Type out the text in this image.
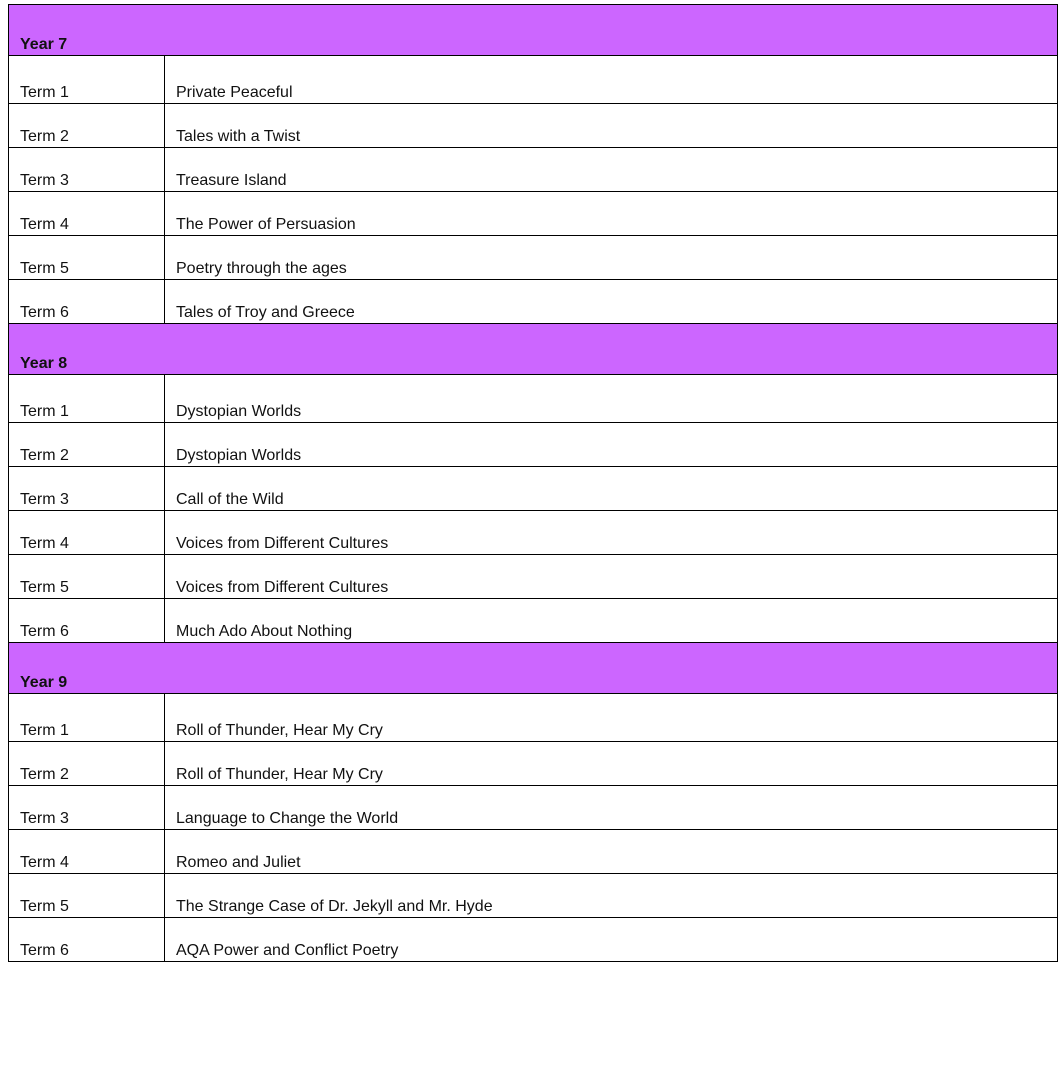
Year 7	
Term 1	Private Peaceful
Term 2	Tales with a Twist
Term 3	Treasure Island
Term 4	The Power of Persuasion
Term 5	Poetry through the ages
Term 6	Tales of Troy and Greece
Year 8	
Term 1	Dystopian Worlds
Term 2	Dystopian Worlds
Term 3	Call of the Wild
Term 4	Voices from Different Cultures
Term 5	Voices from Different Cultures
Term 6	Much Ado About Nothing
Year 9	
Term 1	Roll of Thunder, Hear My Cry
Term 2	Roll of Thunder, Hear My Cry
Term 3	Language to Change the World
Term 4	Romeo and Juliet
Term 5	The Strange Case of Dr. Jekyll and Mr. Hyde
Term 6	AQA Power and Conflict Poetry
